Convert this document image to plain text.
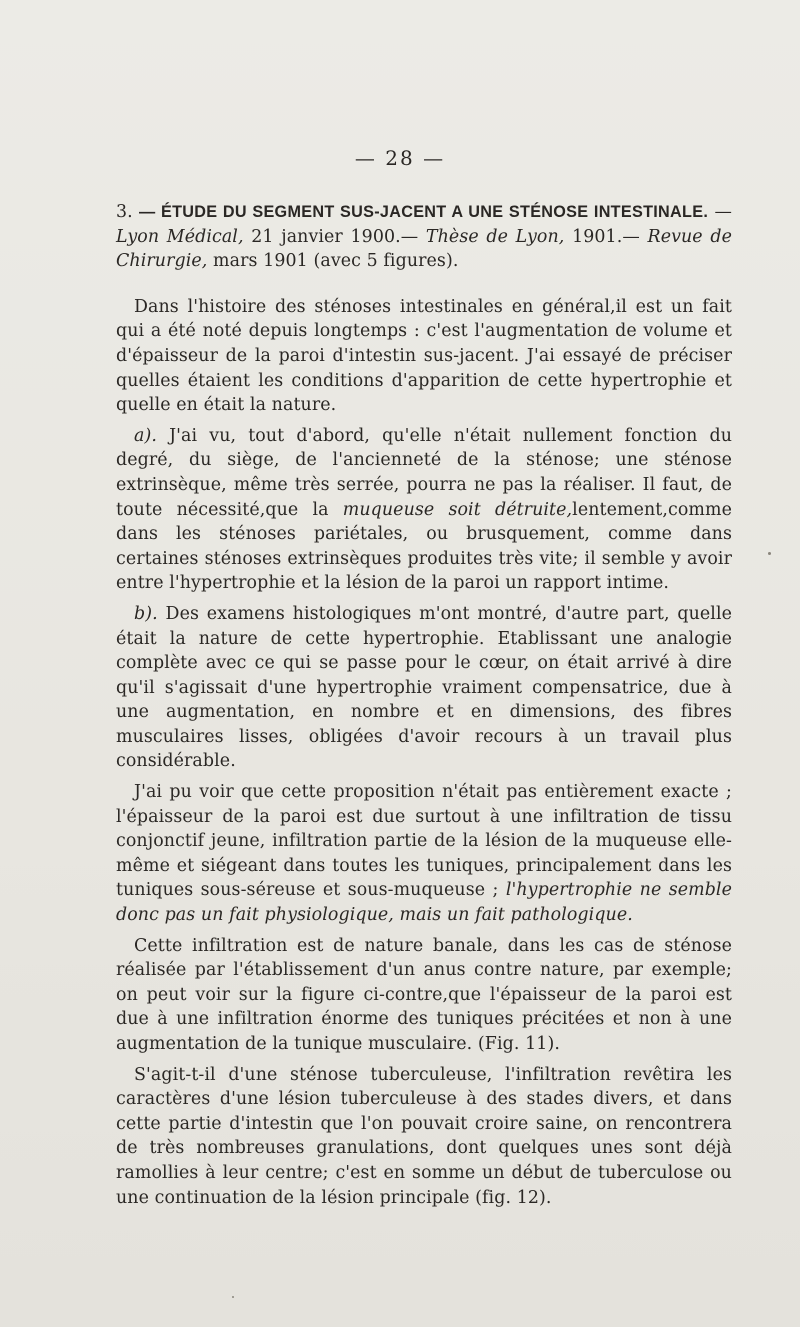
— 28 —

3. — ÉTUDE DU SEGMENT SUS-JACENT A UNE STÉNOSE INTESTINALE. — Lyon Médical, 21 janvier 1900.— Thèse de Lyon, 1901.— Revue de Chirurgie, mars 1901 (avec 5 figures).

Dans l'histoire des sténoses intestinales en général,il est un fait qui a été noté depuis longtemps : c'est l'augmentation de volume et d'épaisseur de la paroi d'intestin sus-jacent. J'ai essayé de préciser quelles étaient les conditions d'apparition de cette hypertrophie et quelle en était la nature.

a). J'ai vu, tout d'abord, qu'elle n'était nullement fonction du degré, du siège, de l'ancienneté de la sténose; une sténose extrinsèque, même très serrée, pourra ne pas la réaliser. Il faut, de toute nécessité,que la muqueuse soit détruite,lentement,comme dans les sténoses pariétales, ou brusquement, comme dans certaines sténoses extrinsèques produites très vite; il semble y avoir entre l'hypertrophie et la lésion de la paroi un rapport intime.

b). Des examens histologiques m'ont montré, d'autre part, quelle était la nature de cette hypertrophie. Etablissant une analogie complète avec ce qui se passe pour le cœur, on était arrivé à dire qu'il s'agissait d'une hypertrophie vraiment compensatrice, due à une augmentation, en nombre et en dimensions, des fibres musculaires lisses, obligées d'avoir recours à un travail plus considérable.

J'ai pu voir que cette proposition n'était pas entièrement exacte ; l'épaisseur de la paroi est due surtout à une infiltration de tissu conjonctif jeune, infiltration partie de la lésion de la muqueuse elle-même et siégeant dans toutes les tuniques, principalement dans les tuniques sous-séreuse et sous-muqueuse ; l'hypertrophie ne semble donc pas un fait physiologique, mais un fait pathologique.

Cette infiltration est de nature banale, dans les cas de sténose réalisée par l'établissement d'un anus contre nature, par exemple; on peut voir sur la figure ci-contre,que l'épaisseur de la paroi est due à une infiltration énorme des tuniques précitées et non à une augmentation de la tunique musculaire. (Fig. 11).

S'agit-t-il d'une sténose tuberculeuse, l'infiltration revêtira les caractères d'une lésion tuberculeuse à des stades divers, et dans cette partie d'intestin que l'on pouvait croire saine, on rencontrera de très nombreuses granulations, dont quelques unes sont déjà ramollies à leur centre; c'est en somme un début de tuberculose ou une continuation de la lésion principale (fig. 12).
